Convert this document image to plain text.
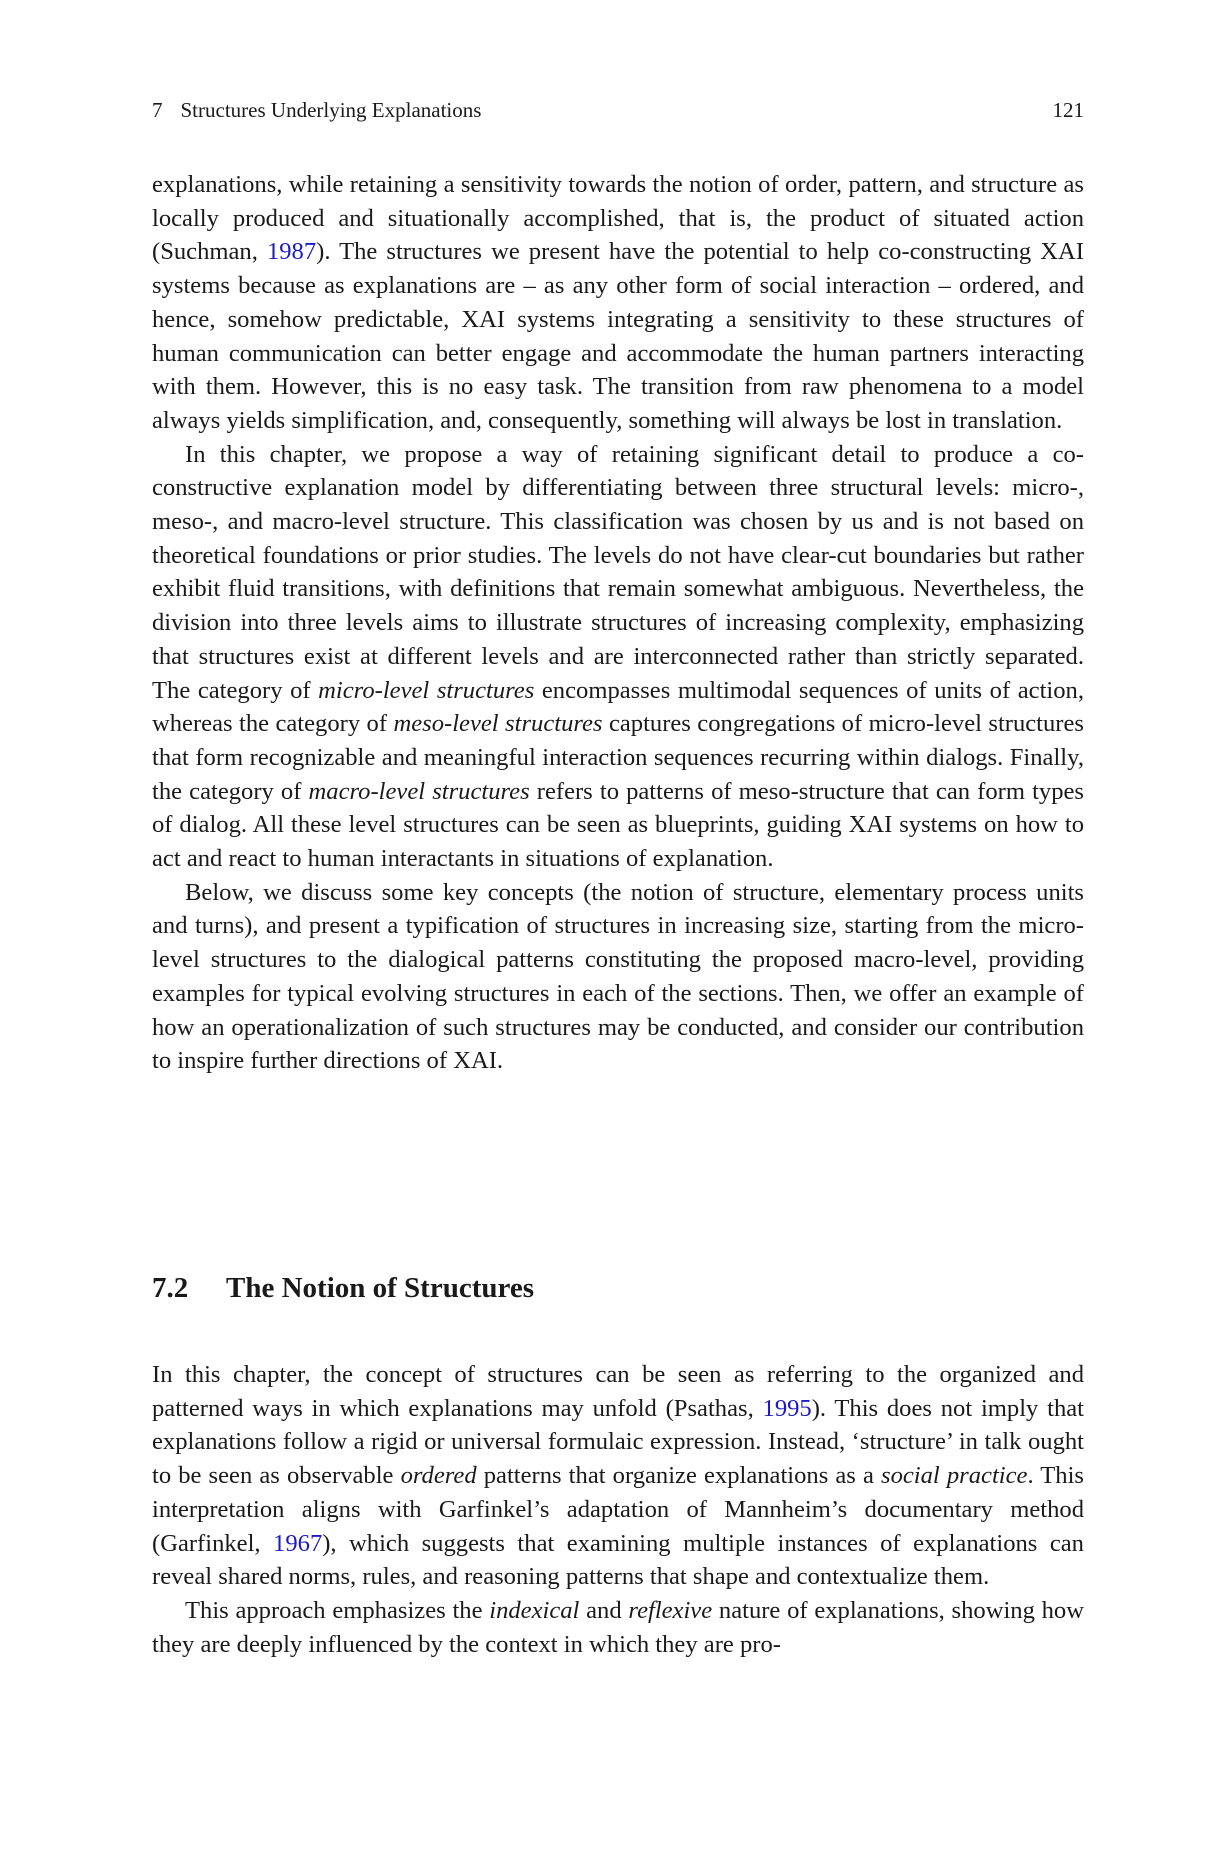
7 Structures Underlying Explanations	121

explanations, while retaining a sensitivity towards the notion of order, pattern, and structure as locally produced and situationally accomplished, that is, the product of situated action (Suchman, 1987). The structures we present have the potential to help co-constructing XAI systems because as explanations are – as any other form of social interaction – ordered, and hence, somehow predictable, XAI systems integrating a sensitivity to these structures of human communication can better engage and accommodate the human partners interacting with them. However, this is no easy task. The transition from raw phenomena to a model always yields simplification, and, consequently, something will always be lost in translation.

In this chapter, we propose a way of retaining significant detail to produce a co-constructive explanation model by differentiating between three structural levels: micro-, meso-, and macro-level structure. This classification was chosen by us and is not based on theoretical foundations or prior studies. The levels do not have clear-cut boundaries but rather exhibit fluid transitions, with definitions that remain somewhat ambiguous. Nevertheless, the division into three levels aims to illustrate structures of increasing complexity, emphasizing that structures exist at different levels and are interconnected rather than strictly separated. The category of micro-level structures encompasses multimodal sequences of units of action, whereas the category of meso-level structures captures congregations of micro-level structures that form recognizable and meaningful interaction sequences recurring within dialogs. Finally, the category of macro-level structures refers to patterns of meso-structure that can form types of dialog. All these level structures can be seen as blueprints, guiding XAI systems on how to act and react to human interactants in situations of explanation.

Below, we discuss some key concepts (the notion of structure, elementary process units and turns), and present a typification of structures in increasing size, starting from the micro-level structures to the dialogical patterns constituting the proposed macro-level, providing examples for typical evolving structures in each of the sections. Then, we offer an example of how an operationalization of such structures may be conducted, and consider our contribution to inspire further directions of XAI.

7.2 The Notion of Structures

In this chapter, the concept of structures can be seen as referring to the organized and patterned ways in which explanations may unfold (Psathas, 1995). This does not imply that explanations follow a rigid or universal formulaic expression. Instead, ‘structure’ in talk ought to be seen as observable ordered patterns that organize explanations as a social practice. This interpretation aligns with Garfinkel’s adaptation of Mannheim’s documentary method (Garfinkel, 1967), which suggests that examining multiple instances of explanations can reveal shared norms, rules, and reasoning patterns that shape and contextualize them.

This approach emphasizes the indexical and reflexive nature of explanations, showing how they are deeply influenced by the context in which they are pro-
